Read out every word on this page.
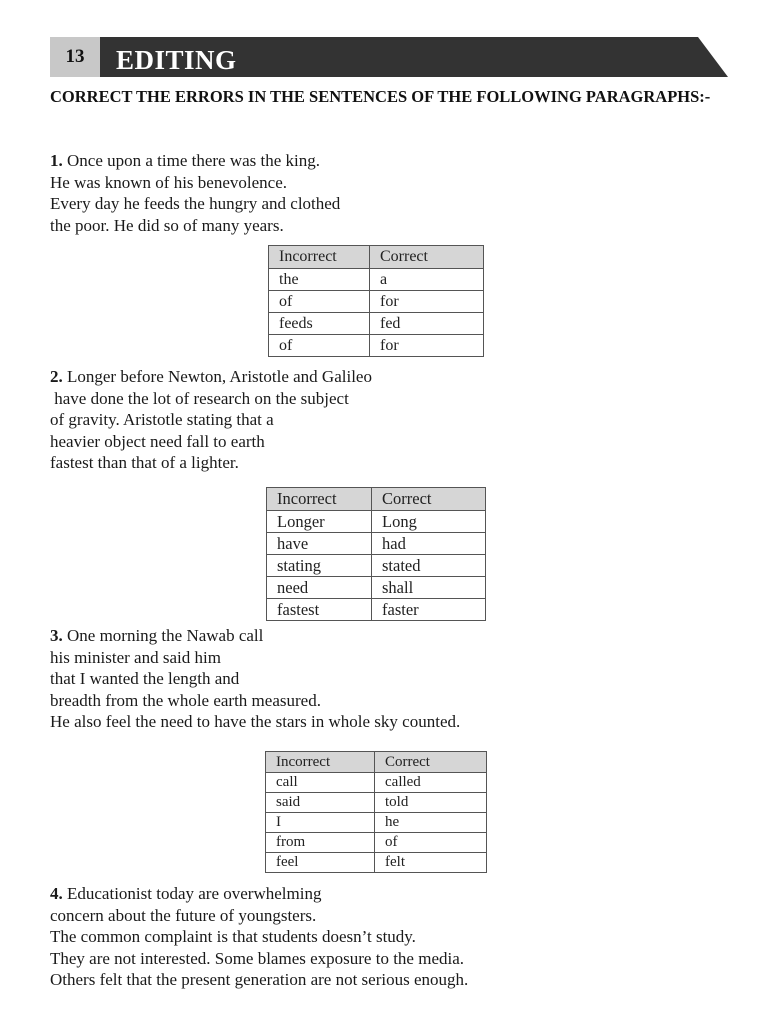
13	EDITING
CORRECT THE ERRORS IN THE SENTENCES OF THE FOLLOWING PARAGRAPHS:-
1. Once upon a time there was the king.
He was known of his benevolence.
Every day he feeds the hungry and clothed
the poor. He did so of many years.
Incorrect	Correct
the	a
of	for
feeds	fed
of	for
2. Longer before Newton, Aristotle and Galileo
have done the lot of research on the subject
of gravity. Aristotle stating that a
heavier object need fall to earth
fastest than that of a lighter.
Incorrect	Correct
Longer	Long
have	had
stating	stated
need	shall
fastest	faster
3. One morning the Nawab call
his minister and said him
that I wanted the length and
breadth from the whole earth measured.
He also feel the need to have the stars in whole sky counted.
Incorrect	Correct
call	called
said	told
I	he
from	of
feel	felt
4. Educationist today are overwhelming
concern about the future of youngsters.
The common complaint is that students doesn’t study.
They are not interested. Some blames exposure to the media.
Others felt that the present generation are not serious enough.
